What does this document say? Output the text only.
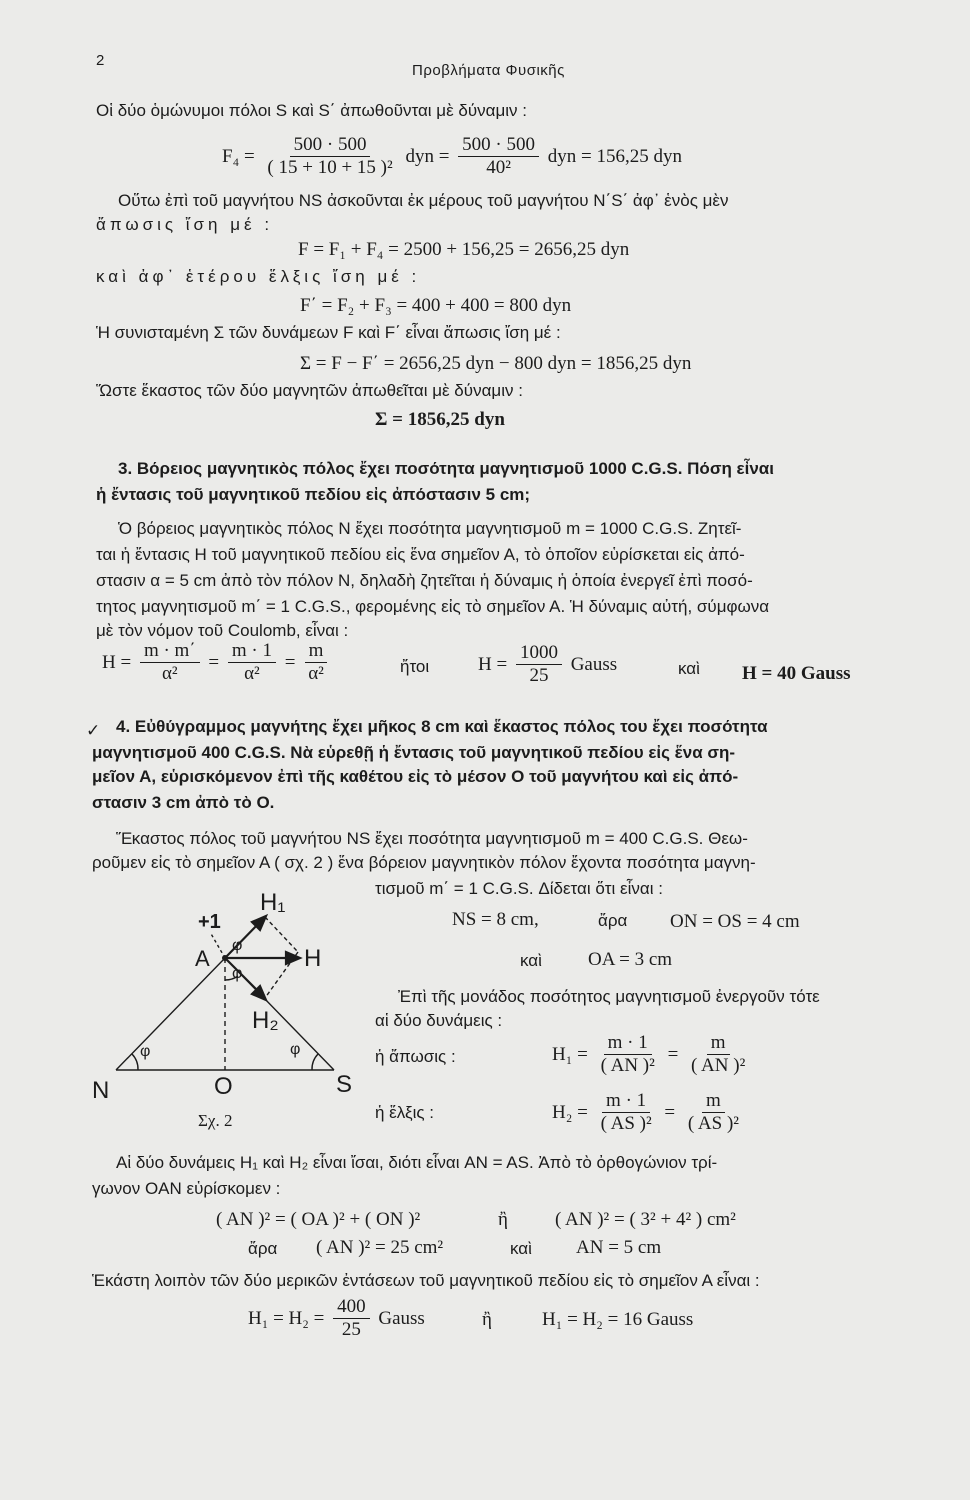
2
Προβλήματα Φυσικῆς
Οἱ δύο ὁμώνυμοι πόλοι S καὶ S΄ ἀπωθοῦνται μὲ δύναμιν :
$F_4 = \frac{500 \cdot 500}{\text{( 15 + 10 + 15 )²}}$ dyn = $\frac{500 \cdot 500}{\text{40²}}$ dyn = 156,25 dyn
Οὕτω ἐπὶ τοῦ μαγνήτου NS ἀσκοῦνται ἐκ μέρους τοῦ μαγνήτου N΄S΄ ἀφ᾽ ἑνὸς μὲν
ἄπωσις ἴση μέ :
F = F₁ + F₄ = 2500 + 156,25 = 2656,25 dyn
καὶ ἀφ᾽ ἑτέρου ἕλξις ἴση μέ :
F΄ = F₂ + F₃ = 400 + 400 = 800 dyn
Ἡ συνισταμένη Σ τῶν δυνάμεων F καὶ F΄ εἶναι ἄπωσις ἴση μέ :
Σ = F − F΄ = 2656,25 dyn − 800 dyn = 1856,25 dyn
Ὥστε ἕκαστος τῶν δύο μαγνητῶν ἀπωθεῖται μὲ δύναμιν :
Σ = 1856,25 dyn
3. Βόρειος μαγνητικὸς πόλος ἔχει ποσότητα μαγνητισμοῦ 1000 C.G.S. Πόση εἶναι
ἡ ἔντασις τοῦ μαγνητικοῦ πεδίου εἰς ἀπόστασιν 5 cm;
Ὁ βόρειος μαγνητικὸς πόλος Ν ἔχει ποσότητα μαγνητισμοῦ m = 1000 C.G.S. Ζητεῖ-
ται ἡ ἔντασις Η τοῦ μαγνητικοῦ πεδίου εἰς ἕνα σημεῖον Α, τὸ ὁποῖον εὑρίσκεται εἰς ἀπό-
στασιν α = 5 cm ἀπὸ τὸν πόλον Ν, δηλαδὴ ζητεῖται ἡ δύναμις ἡ ὁποία ἐνεργεῖ ἐπὶ ποσό-
τητος μαγνητισμοῦ m΄ = 1 C.G.S., φερομένης εἰς τὸ σημεῖον Α. Ἡ δύναμις αὐτή, σύμφωνα
μὲ τὸν νόμον τοῦ Coulomb, εἶναι :
$H = \frac{m \cdot m΄}{\text{α²}} = \frac{m \cdot 1}{\text{α²}} = \frac{m}{\text{α²}}$	ἤτοι	$H = \frac{1000}{25}$ Gauss	καὶ H = 40 Gauss
✓ 4. Εὐθύγραμμος μαγνήτης ἔχει μῆκος 8 cm καὶ ἕκαστος πόλος του ἔχει ποσότητα
μαγνητισμοῦ 400 C.G.S. Νὰ εὑρεθῇ ἡ ἔντασις τοῦ μαγνητικοῦ πεδίου εἰς ἕνα ση-
μεῖον Α, εὑρισκόμενον ἐπὶ τῆς καθέτου εἰς τὸ μέσον Ο τοῦ μαγνήτου καὶ εἰς ἀπό-
στασιν 3 cm ἀπὸ τὸ Ο.
Ἕκαστος πόλος τοῦ μαγνήτου NS ἔχει ποσότητα μαγνητισμοῦ m = 400 C.G.S. Θεω-
ροῦμεν εἰς τὸ σημεῖον Α ( σχ. 2 ) ἕνα βόρειον μαγνητικὸν πόλον ἔχοντα ποσότητα μαγνη-
τισμοῦ m΄ = 1 C.G.S. Δίδεται ὅτι εἶναι :
+1
A	H
H₁
H₂
φ
φ
φ	φ
N	O	S
Σχ. 2
NS = 8 cm,	ἄρα ON = OS = 4 cm
καὶ OA = 3 cm
Ἐπὶ τῆς μονάδος ποσότητος μαγνητισμοῦ ἐνεργοῦν τότε
αἱ δύο δυνάμεις :
ἡ ἄπωσις :	$H_1 = \frac{m \cdot 1}{\text{( AN )²}} = \frac{m}{\text{( AN )²}}$
ἡ ἕλξις :	$H_2 = \frac{m \cdot 1}{\text{( AS )²}} = \frac{m}{\text{( AS )²}}$
Αἱ δύο δυνάμεις H₁ καὶ H₂ εἶναι ἴσαι, διότι εἶναι AN = AS. Ἀπὸ τὸ ὀρθογώνιον τρί-
γωνον OAN εὑρίσκομεν :
( AN )² = ( OA )² + ( ON )²	ἢ ( AN )² = ( 3² + 4² ) cm²
ἄρα ( AN )² = 25 cm²	καὶ AN = 5 cm
Ἑκάστη λοιπὸν τῶν δύο μερικῶν ἐντάσεων τοῦ μαγνητικοῦ πεδίου εἰς τὸ σημεῖον Α εἶναι :
$H_1 = H_2 = \frac{400}{25}$ Gauss	ἢ	H₁ = H₂ = 16 Gauss
